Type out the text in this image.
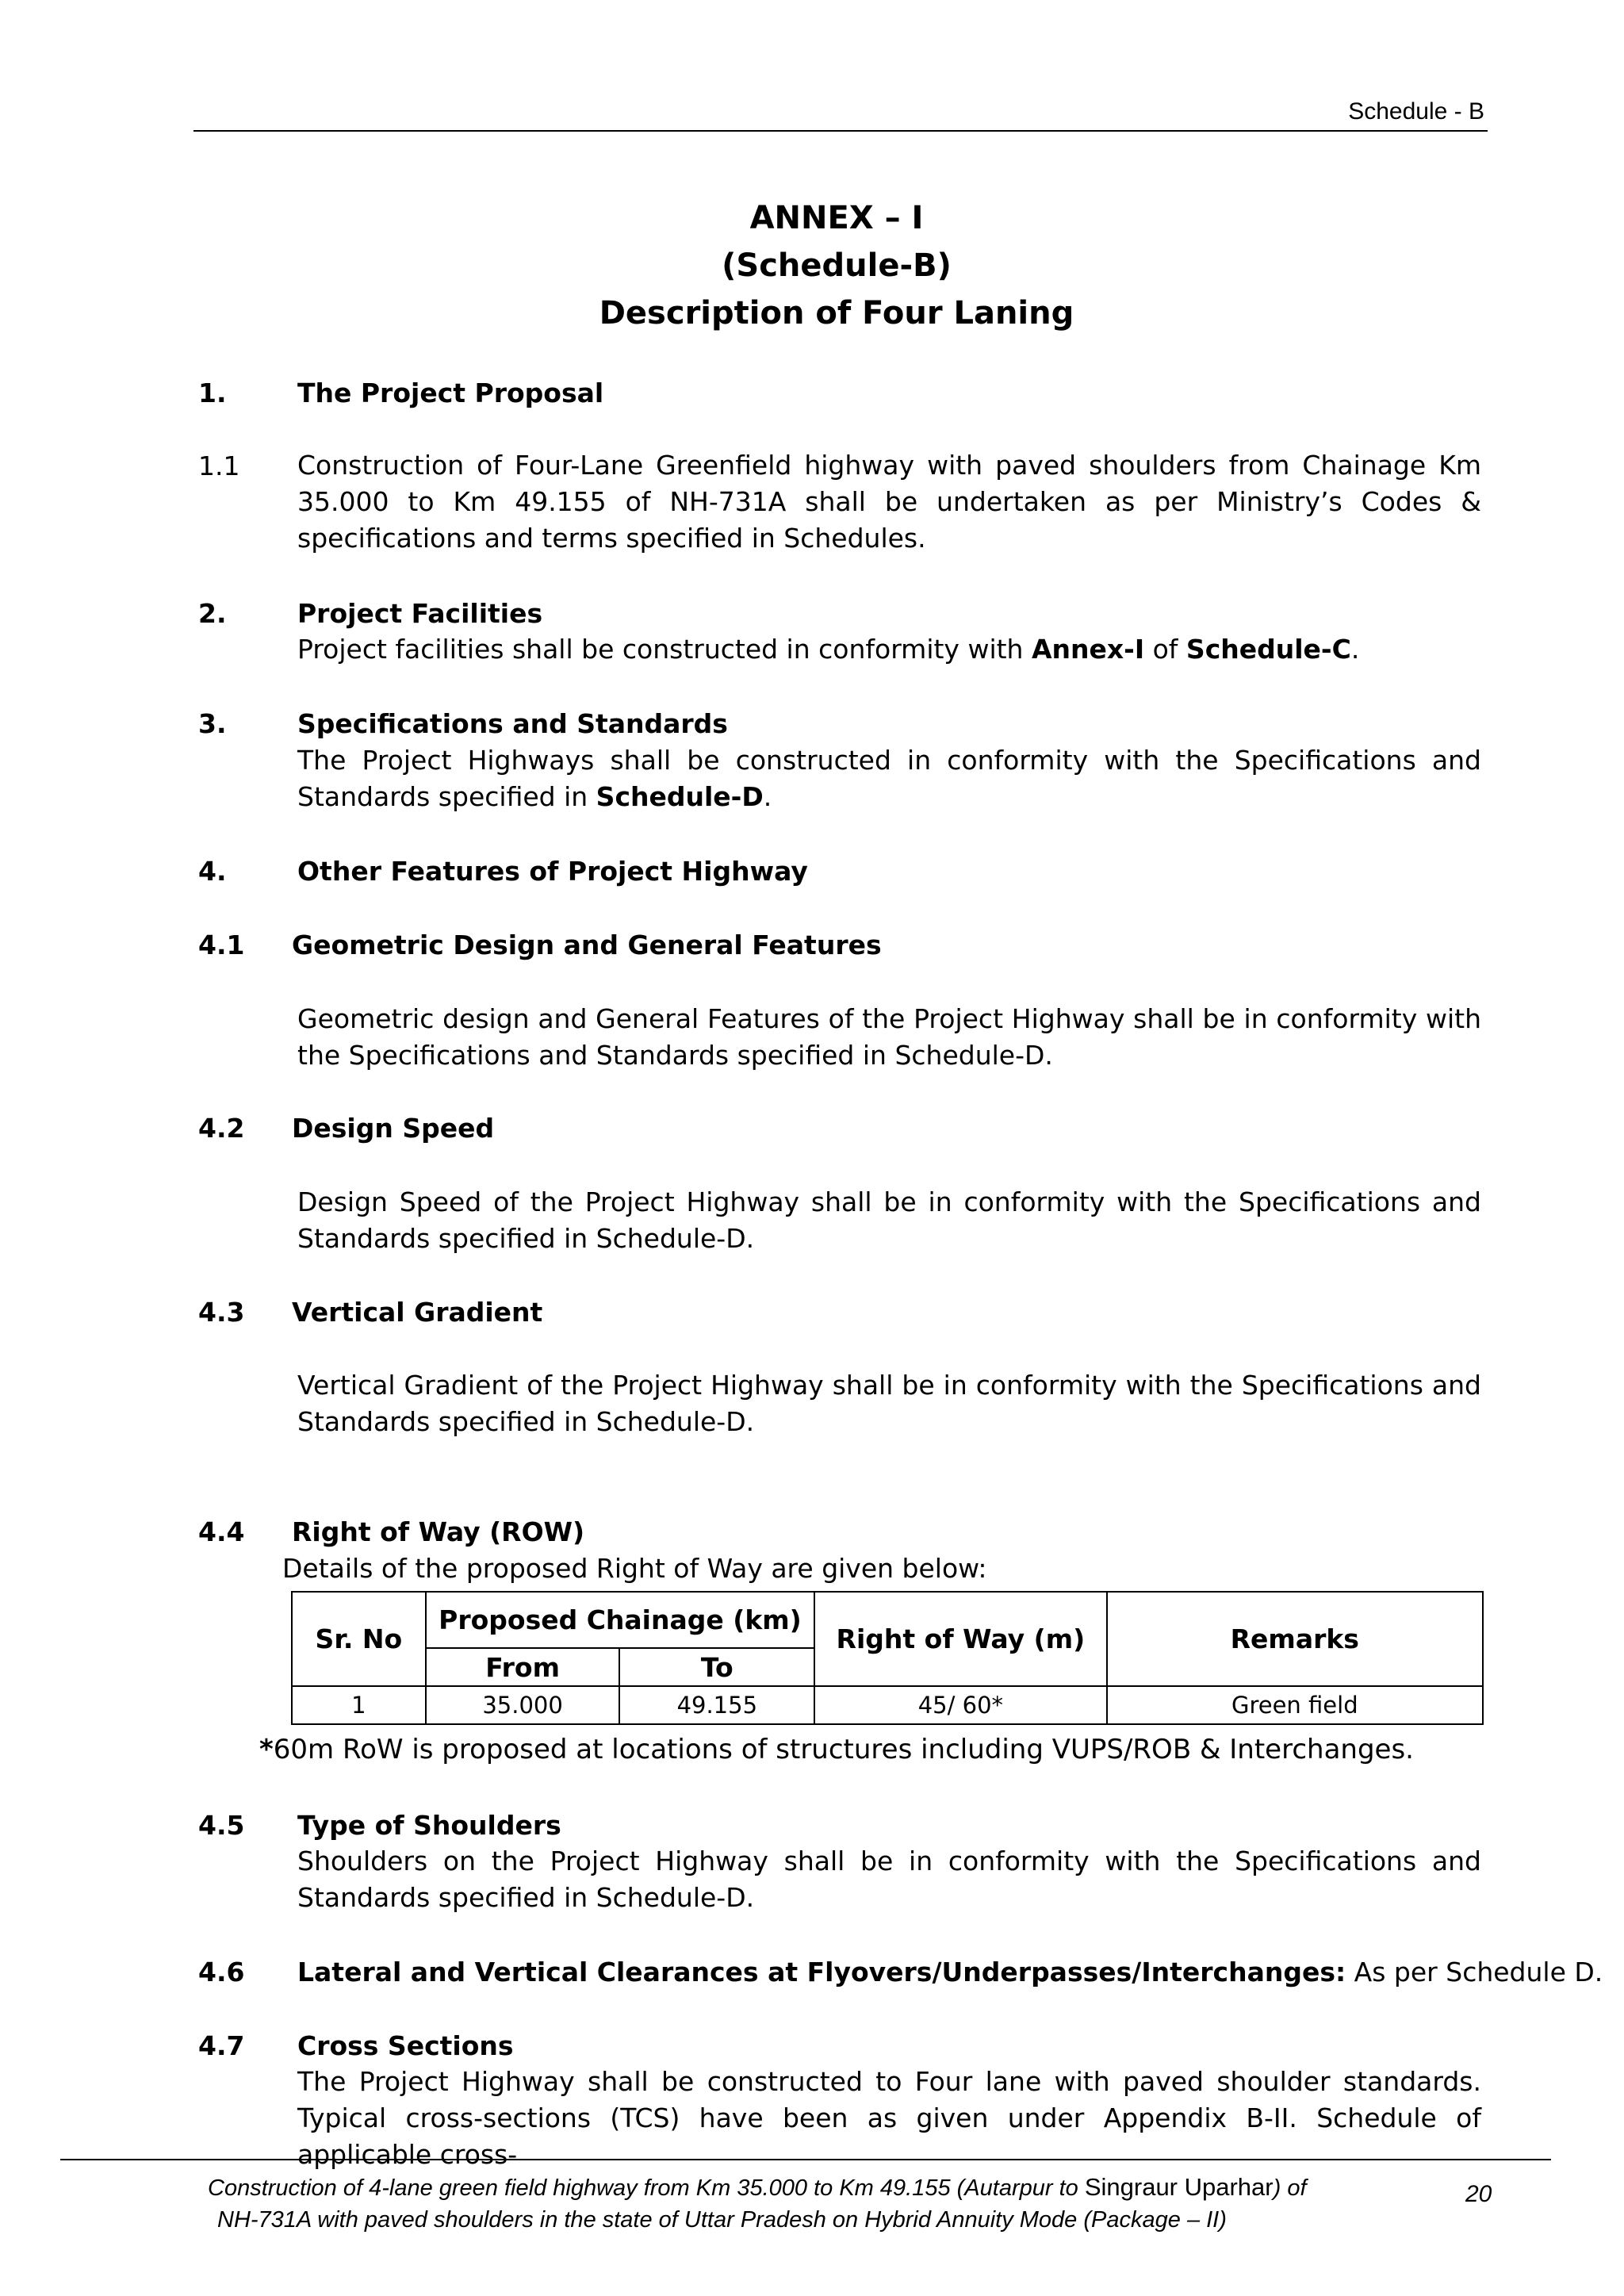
Schedule - B
ANNEX – I
(Schedule-B)
Description of Four Laning
1.	The Project Proposal
1.1 Construction of Four-Lane Greenfield highway with paved shoulders from Chainage Km 35.000 to Km 49.155 of NH-731A shall be undertaken as per Ministry’s Codes & specifications and terms specified in Schedules.
2.	Project Facilities
Project facilities shall be constructed in conformity with Annex-I of Schedule-C.
3.	Specifications and Standards
The Project Highways shall be constructed in conformity with the Specifications and Standards specified in Schedule-D.
4.	Other Features of Project Highway
4.1 Geometric Design and General Features
Geometric design and General Features of the Project Highway shall be in conformity with the Specifications and Standards specified in Schedule-D.
4.2 Design Speed
Design Speed of the Project Highway shall be in conformity with the Specifications and Standards specified in Schedule-D.
4.3 Vertical Gradient
Vertical Gradient of the Project Highway shall be in conformity with the Specifications and Standards specified in Schedule-D.
4.4 Right of Way (ROW)
Details of the proposed Right of Way are given below:
Sr. No	Proposed Chainage (km)		Right of Way (m)	Remarks
	From	To		
1	35.000	49.155	45/ 60*	Green field
*60m RoW is proposed at locations of structures including VUPS/ROB & Interchanges.
4.5 Type of Shoulders
Shoulders on the Project Highway shall be in conformity with the Specifications and Standards specified in Schedule-D.
4.6 Lateral and Vertical Clearances at Flyovers/Underpasses/Interchanges: As per Schedule D.
4.7 Cross Sections
The Project Highway shall be constructed to Four lane with paved shoulder standards. Typical cross-sections (TCS) have been as given under Appendix B-II. Schedule of applicable cross-
Construction of 4-lane green field highway from Km 35.000 to Km 49.155 (Autarpur to Singraur Uparhar) of
NH-731A with paved shoulders in the state of Uttar Pradesh on Hybrid Annuity Mode (Package – II)
20
